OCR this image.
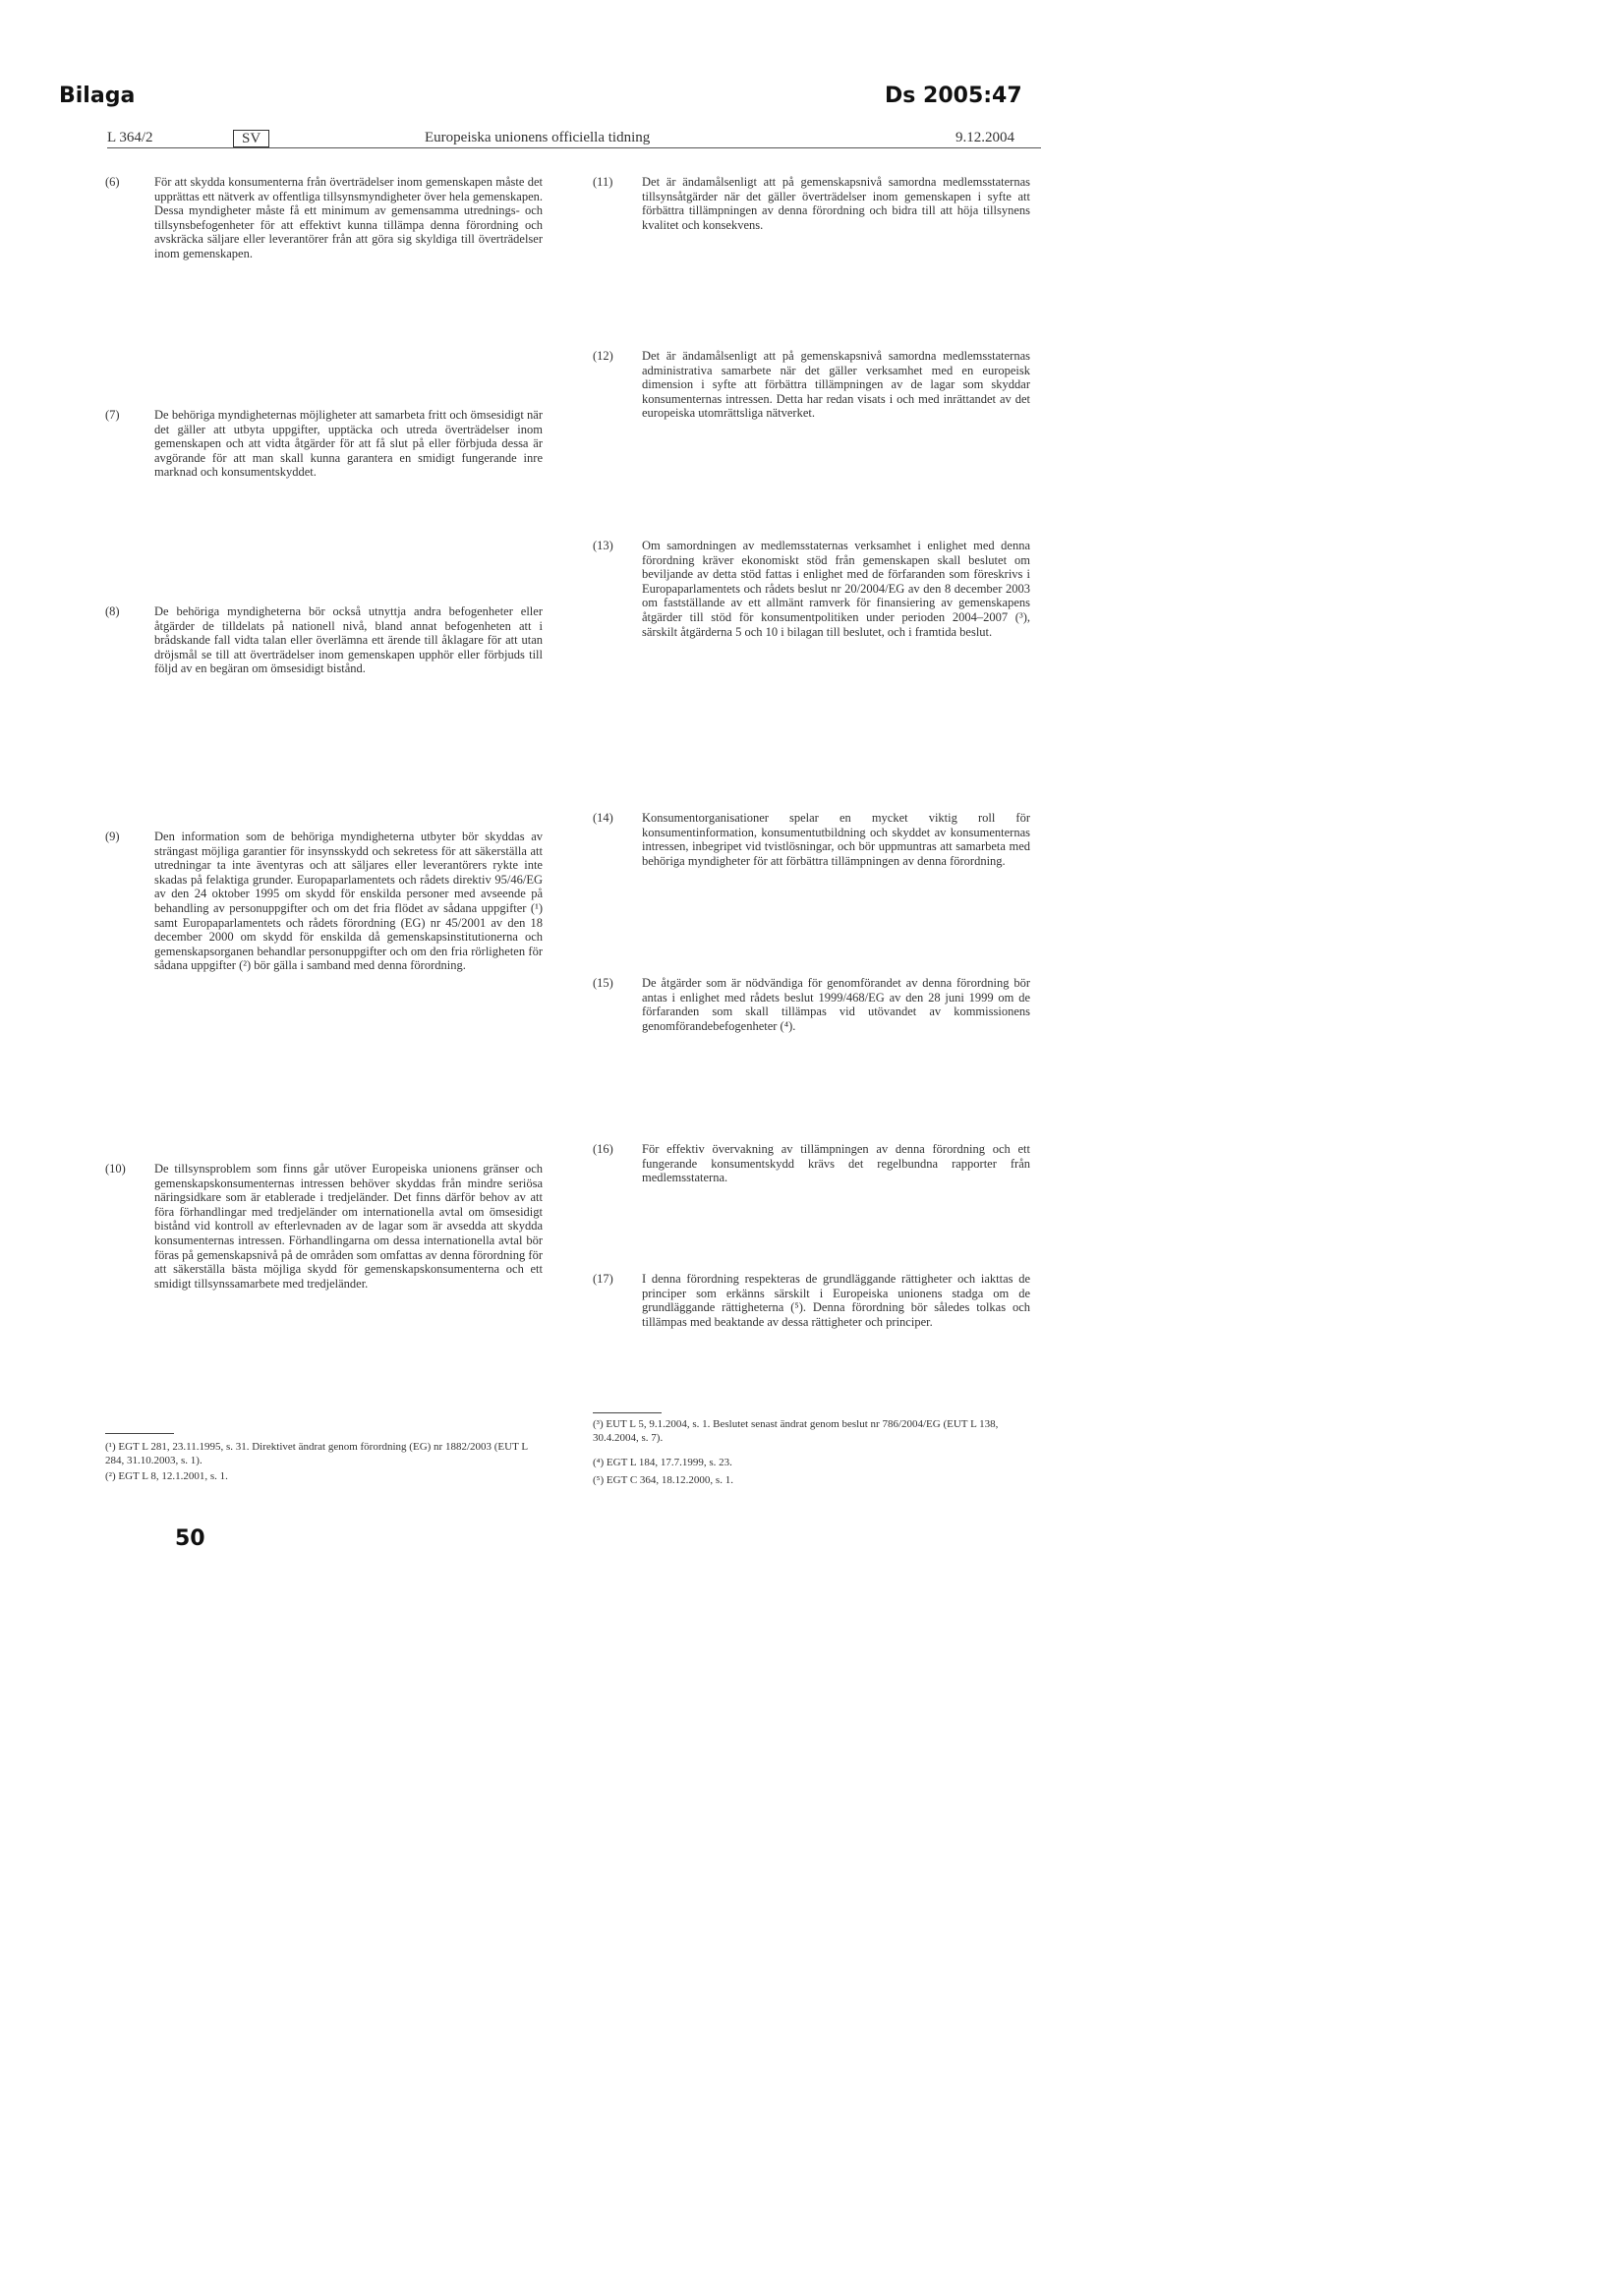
Bilaga	Ds 2005:47
L 364/2	SV	Europeiska unionens officiella tidning	9.12.2004
(6)	För att skydda konsumenterna från överträdelser inom gemenskapen måste det upprättas ett nätverk av offentliga tillsynsmyndigheter över hela gemenskapen. Dessa myndigheter måste få ett minimum av gemensamma utrednings- och tillsynsbefogenheter för att effektivt kunna tillämpa denna förordning och avskräcka säljare eller leverantörer från att göra sig skyldiga till överträdelser inom gemenskapen.
(7)	De behöriga myndigheternas möjligheter att samarbeta fritt och ömsesidigt när det gäller att utbyta uppgifter, upptäcka och utreda överträdelser inom gemenskapen och att vidta åtgärder för att få slut på eller förbjuda dessa är avgörande för att man skall kunna garantera en smidigt fungerande inre marknad och konsumentskyddet.
(8)	De behöriga myndigheterna bör också utnyttja andra befogenheter eller åtgärder de tilldelats på nationell nivå, bland annat befogenheten att i brådskande fall vidta talan eller överlämna ett ärende till åklagare för att utan dröjsmål se till att överträdelser inom gemenskapen upphör eller förbjuds till följd av en begäran om ömsesidigt bistånd.
(9)	Den information som de behöriga myndigheterna utbyter bör skyddas av strängast möjliga garantier för insynsskydd och sekretess för att säkerställa att utredningar ta inte äventyras och att säljares eller leverantörers rykte inte skadas på felaktiga grunder. Europaparlamentets och rådets direktiv 95/46/EG av den 24 oktober 1995 om skydd för enskilda personer med avseende på behandling av personuppgifter och om det fria flödet av sådana uppgifter (¹) samt Europaparlamentets och rådets förordning (EG) nr 45/2001 av den 18 december 2000 om skydd för enskilda då gemenskapsinstitutionerna och gemenskapsorganen behandlar personuppgifter och om den fria rörligheten för sådana uppgifter (²) bör gälla i samband med denna förordning.
(10) De tillsynsproblem som finns går utöver Europeiska unionens gränser och gemenskapskonsumenternas intressen behöver skyddas från mindre seriösa näringsidkare som är etablerade i tredjeländer. Det finns därför behov av att föra förhandlingar med tredjeländer om internationella avtal om ömsesidigt bistånd vid kontroll av efterlevnaden av de lagar som är avsedda att skydda konsumenternas intressen. Förhandlingarna om dessa internationella avtal bör föras på gemenskapsnivå på de områden som omfattas av denna förordning för att säkerställa bästa möjliga skydd för gemenskapskonsumenterna och ett smidigt tillsynssamarbete med tredjeländer.
(¹) EGT L 281, 23.11.1995, s. 31. Direktivet ändrat genom förordning (EG) nr 1882/2003 (EUT L 284, 31.10.2003, s. 1).
(²) EGT L 8, 12.1.2001, s. 1.
(11) Det är ändamålsenligt att på gemenskapsnivå samordna medlemsstaternas tillsynsåtgärder när det gäller överträdelser inom gemenskapen i syfte att förbättra tillämpningen av denna förordning och bidra till att höja tillsynens kvalitet och konsekvens.
(12) Det är ändamålsenligt att på gemenskapsnivå samordna medlemsstaternas administrativa samarbete när det gäller verksamhet med en europeisk dimension i syfte att förbättra tillämpningen av de lagar som skyddar konsumenternas intressen. Detta har redan visats i och med inrättandet av det europeiska utomrättsliga nätverket.
(13) Om samordningen av medlemsstaternas verksamhet i enlighet med denna förordning kräver ekonomiskt stöd från gemenskapen skall beslutet om beviljande av detta stöd fattas i enlighet med de förfaranden som föreskrivs i Europaparlamentets och rådets beslut nr 20/2004/EG av den 8 december 2003 om fastställande av ett allmänt ramverk för finansiering av gemenskapens åtgärder till stöd för konsumentpolitiken under perioden 2004–2007 (³), särskilt åtgärderna 5 och 10 i bilagan till beslutet, och i framtida beslut.
(14) Konsumentorganisationer spelar en mycket viktig roll för konsumentinformation, konsumentutbildning och skyddet av konsumenternas intressen, inbegripet vid tvistlösningar, och bör uppmuntras att samarbeta med behöriga myndigheter för att förbättra tillämpningen av denna förordning.
(15) De åtgärder som är nödvändiga för genomförandet av denna förordning bör antas i enlighet med rådets beslut 1999/468/EG av den 28 juni 1999 om de förfaranden som skall tillämpas vid utövandet av kommissionens genomförandebefogenheter (⁴).
(16) För effektiv övervakning av tillämpningen av denna förordning och ett fungerande konsumentskydd krävs det regelbundna rapporter från medlemsstaterna.
(17) I denna förordning respekteras de grundläggande rättigheter och iakttas de principer som erkänns särskilt i Europeiska unionens stadga om de grundläggande rättigheterna (⁵). Denna förordning bör således tolkas och tillämpas med beaktande av dessa rättigheter och principer.
(³) EUT L 5, 9.1.2004, s. 1. Beslutet senast ändrat genom beslut nr 786/2004/EG (EUT L 138, 30.4.2004, s. 7).
(⁴) EGT L 184, 17.7.1999, s. 23.
(⁵) EGT C 364, 18.12.2000, s. 1.
50
